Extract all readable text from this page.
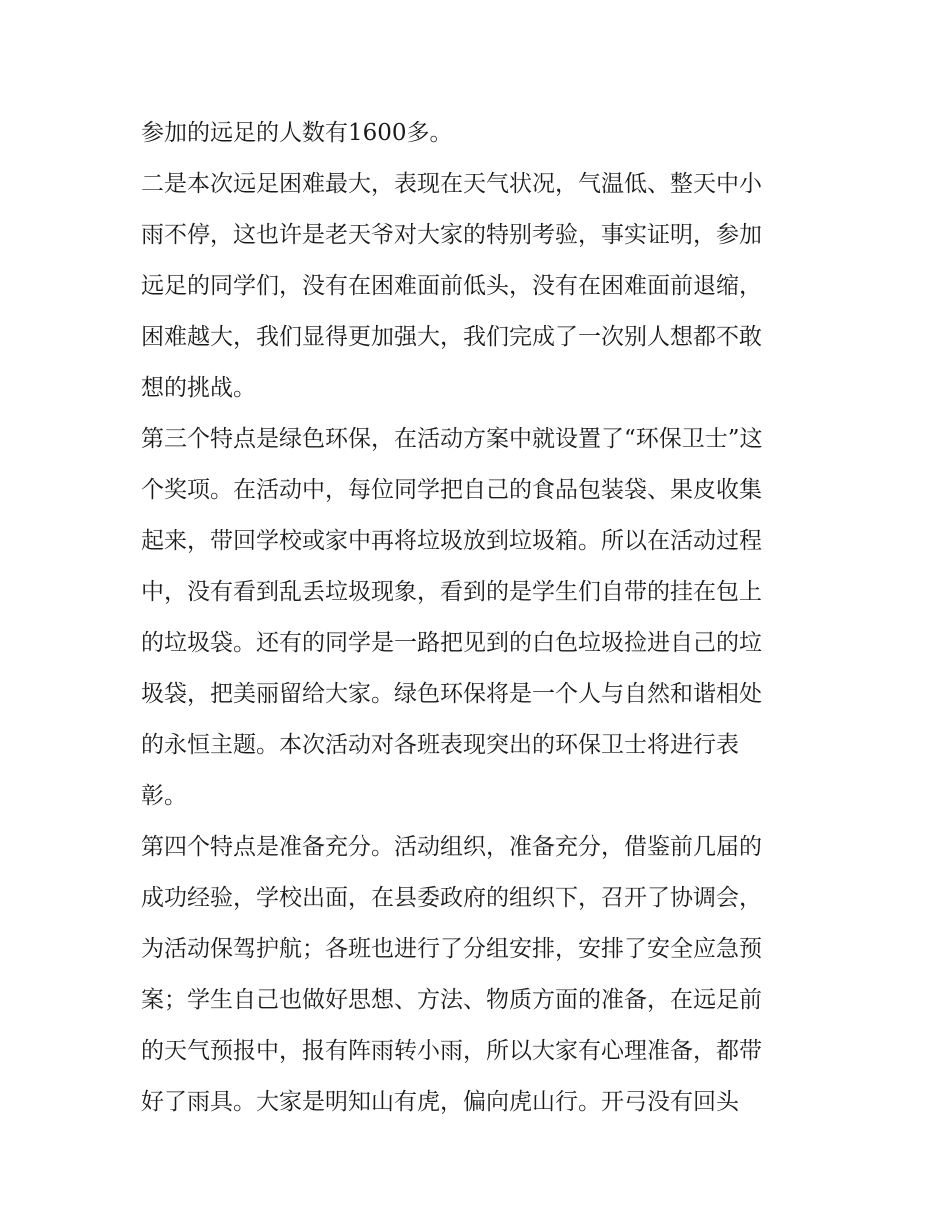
参加的远足的人数有1600多。
二是本次远足困难最大，表现在天气状况，气温低、整天中小
雨不停，这也许是老天爷对大家的特别考验，事实证明，参加
远足的同学们，没有在困难面前低头，没有在困难面前退缩，
困难越大，我们显得更加强大，我们完成了一次别人想都不敢
想的挑战。
第三个特点是绿色环保，在活动方案中就设置了“环保卫士”这
个奖项。在活动中，每位同学把自己的食品包装袋、果皮收集
起来，带回学校或家中再将垃圾放到垃圾箱。所以在活动过程
中，没有看到乱丢垃圾现象，看到的是学生们自带的挂在包上
的垃圾袋。还有的同学是一路把见到的白色垃圾捡进自己的垃
圾袋，把美丽留给大家。绿色环保将是一个人与自然和谐相处
的永恒主题。本次活动对各班表现突出的环保卫士将进行表
彰。
第四个特点是准备充分。活动组织，准备充分，借鉴前几届的
成功经验，学校出面，在县委政府的组织下，召开了协调会，
为活动保驾护航；各班也进行了分组安排，安排了安全应急预
案；学生自己也做好思想、方法、物质方面的准备，在远足前
的天气预报中，报有阵雨转小雨，所以大家有心理准备，都带
好了雨具。大家是明知山有虎，偏向虎山行。开弓没有回头
